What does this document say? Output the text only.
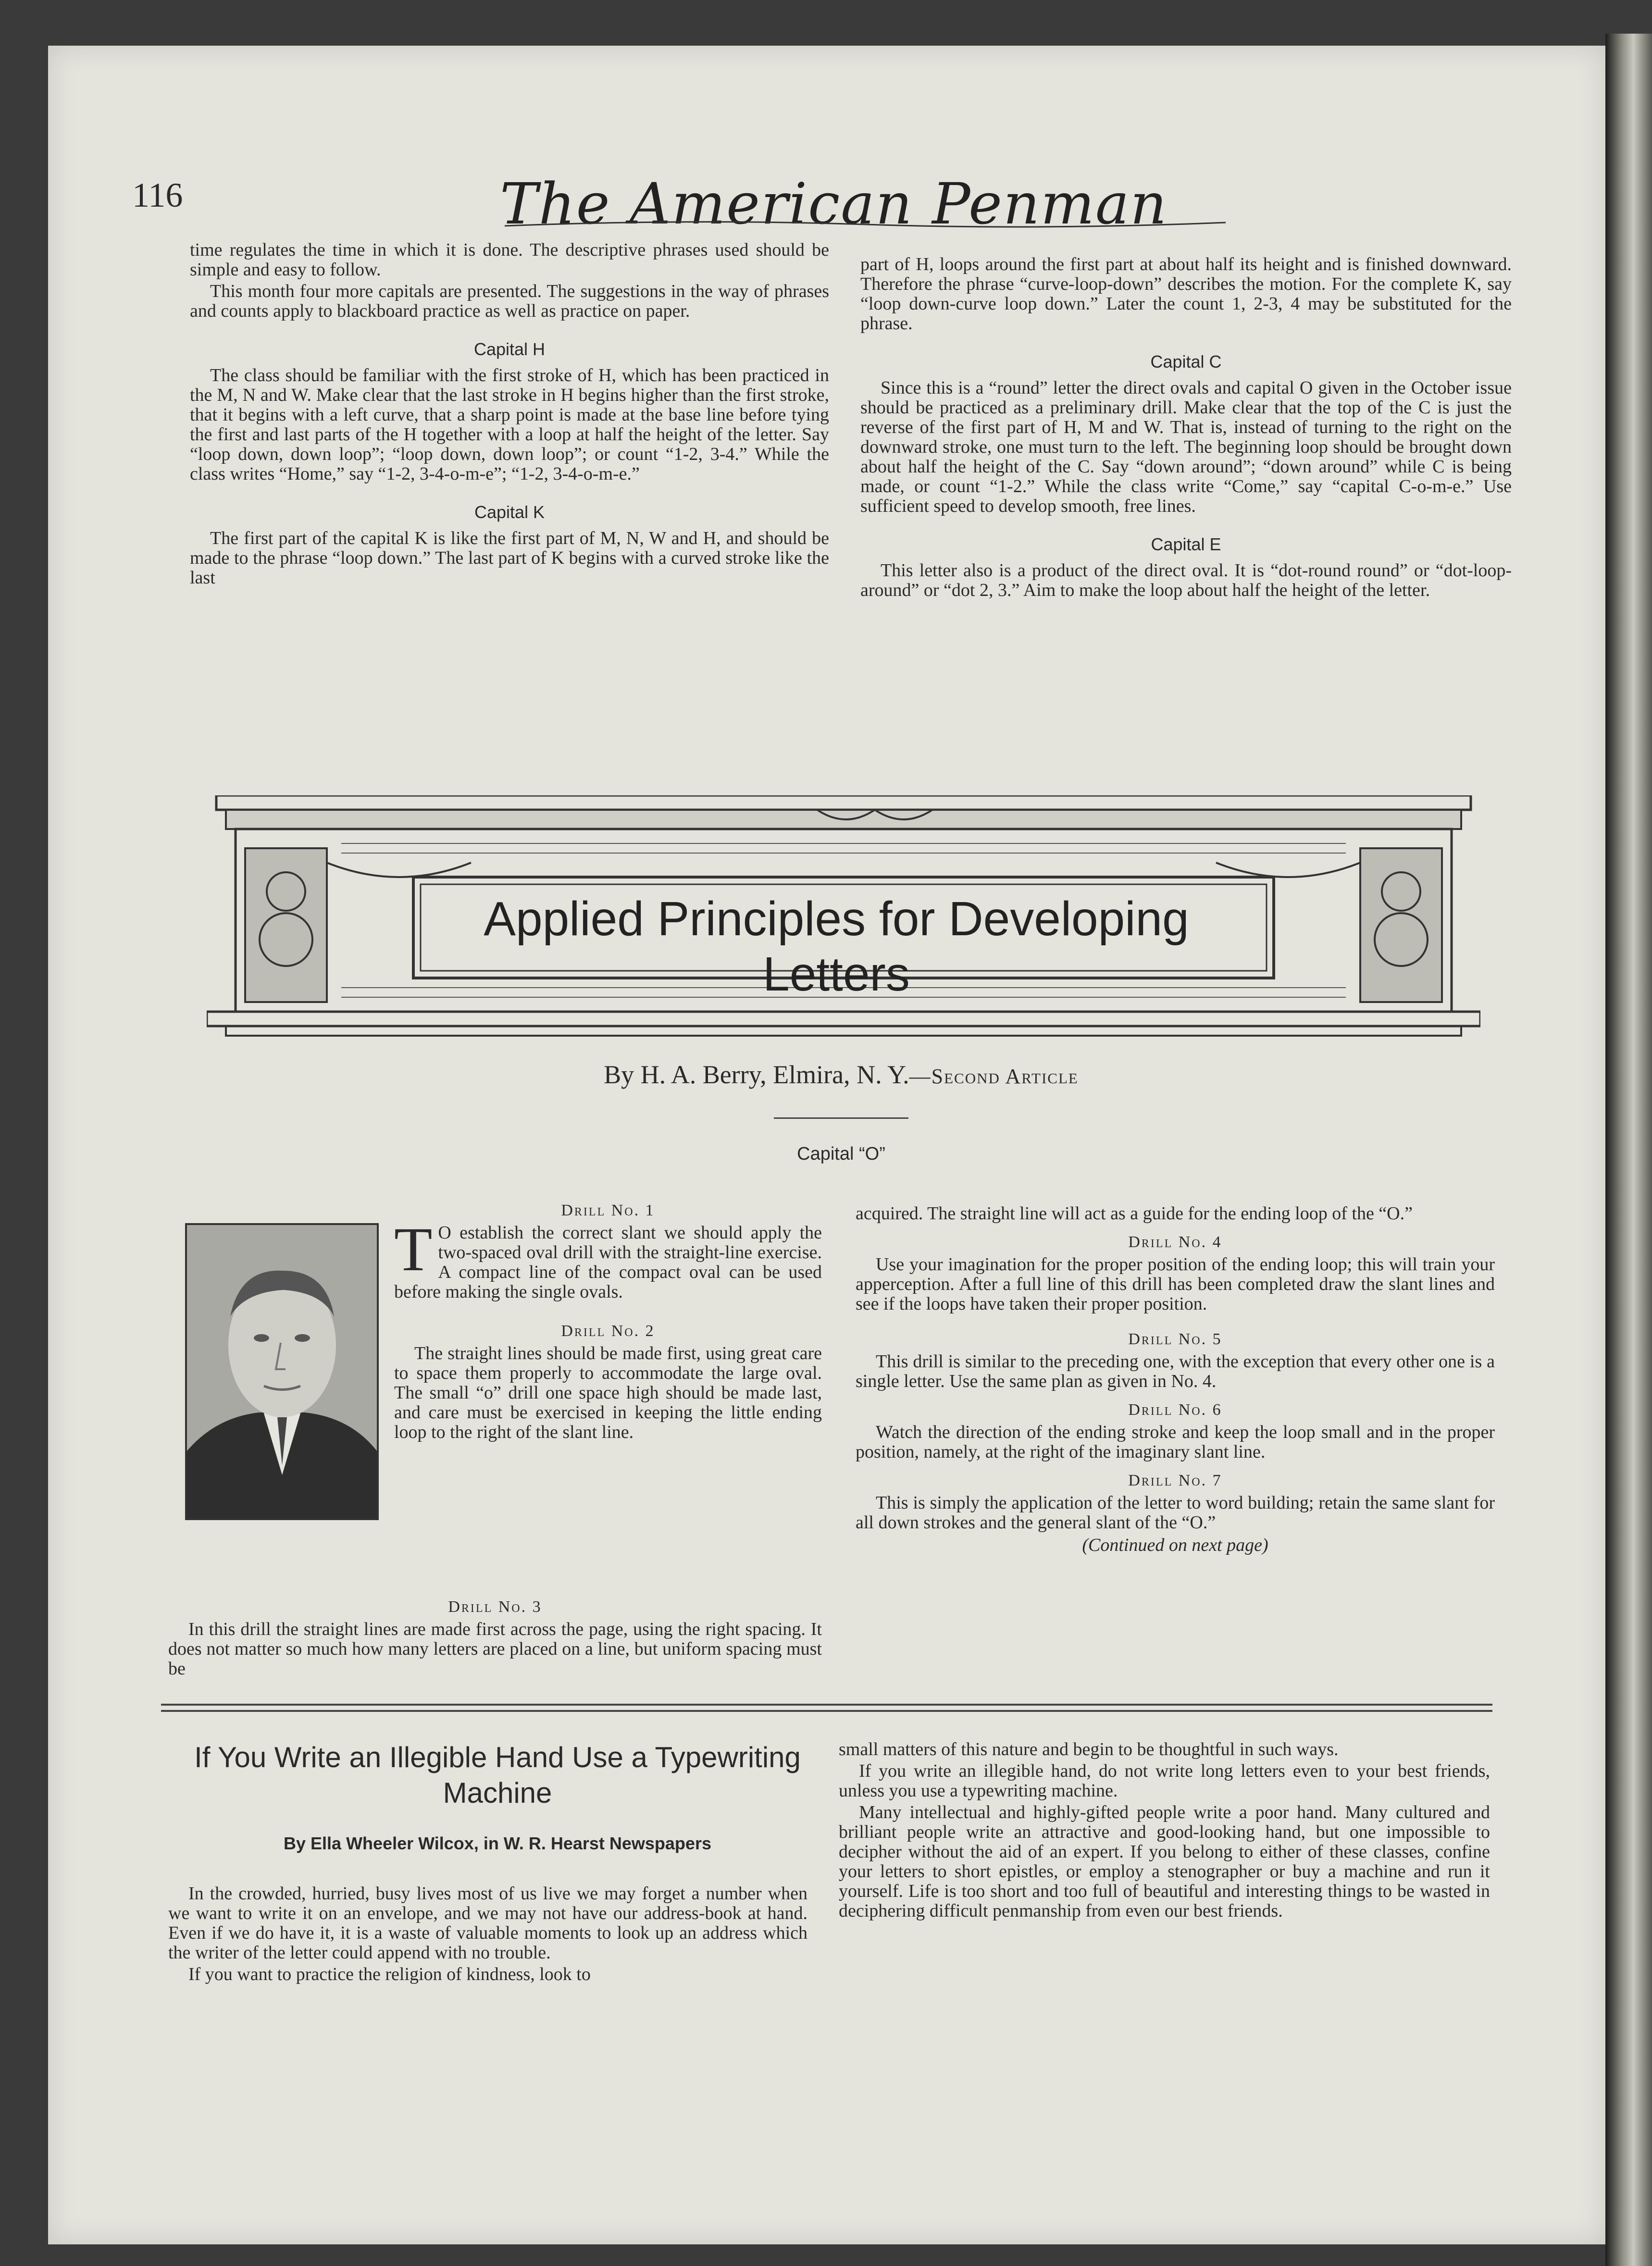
116	The American Penman

time regulates the time in which it is done. The descriptive phrases used should be simple and easy to follow.

This month four more capitals are presented. The suggestions in the way of phrases and counts apply to blackboard practice as well as practice on paper.

Capital H

The class should be familiar with the first stroke of H, which has been practiced in the M, N and W. Make clear that the last stroke in H begins higher than the first stroke, that it begins with a left curve, that a sharp point is made at the base line before tying the first and last parts of the H together with a loop at half the height of the letter. Say “loop down, down loop”; “loop down, down loop”; or count “1-2, 3-4.” While the class writes “Home,” say “1-2, 3-4-o-m-e”; “1-2, 3-4-o-m-e.”

Capital K

The first part of the capital K is like the first part of M, N, W and H, and should be made to the phrase “loop down.” The last part of K begins with a curved stroke like the last

part of H, loops around the first part at about half its height and is finished downward. Therefore the phrase “curve-loop-down” describes the motion. For the complete K, say “loop down-curve loop down.” Later the count 1, 2-3, 4 may be substituted for the phrase.

Capital C

Since this is a “round” letter the direct ovals and capital O given in the October issue should be practiced as a preliminary drill. Make clear that the top of the C is just the reverse of the first part of H, M and W. That is, instead of turning to the right on the downward stroke, one must turn to the left. The beginning loop should be brought down about half the height of the C. Say “down around”; “down around” while C is being made, or count “1-2.” While the class write “Come,” say “capital C-o-m-e.” Use sufficient speed to develop smooth, free lines.

Capital E

This letter also is a product of the direct oval. It is “dot-round round” or “dot-loop-around” or “dot 2, 3.” Aim to make the loop about half the height of the letter.

Applied Principles for Developing Letters
By H. A. Berry, Elmira, N. Y.—Second Article
Capital “O”
Drill No. 1

T O establish the correct slant we should apply the two-spaced oval drill with the straight-line exercise. A compact line of the compact oval can be used before making the single ovals.

Drill No. 2

The straight lines should be made first, using great care to space them properly to accommodate the large oval. The small “o” drill one space high should be made last, and care must be exercised in keeping the little ending loop to the right of the slant line.

Drill No. 3

In this drill the straight lines are made first across the page, using the right spacing. It does not matter so much how many letters are placed on a line, but uniform spacing must be

acquired. The straight line will act as a guide for the ending loop of the “O.”

Drill No. 4

Use your imagination for the proper position of the ending loop; this will train your apperception. After a full line of this drill has been completed draw the slant lines and see if the loops have taken their proper position.

Drill No. 5

This drill is similar to the preceding one, with the exception that every other one is a single letter. Use the same plan as given in No. 4.

Drill No. 6

Watch the direction of the ending stroke and keep the loop small and in the proper position, namely, at the right of the imaginary slant line.

Drill No. 7

This is simply the application of the letter to word building; retain the same slant for all down strokes and the general slant of the “O.”

(Continued on next page)
If You Write an Illegible Hand Use a Typewriting Machine
By Ella Wheeler Wilcox, in W. R. Hearst Newspapers

In the crowded, hurried, busy lives most of us live we may forget a number when we want to write it on an envelope, and we may not have our address-book at hand. Even if we do have it, it is a waste of valuable moments to look up an address which the writer of the letter could append with no trouble.

If you want to practice the religion of kindness, look to

small matters of this nature and begin to be thoughtful in such ways.

If you write an illegible hand, do not write long letters even to your best friends, unless you use a typewriting machine.

Many intellectual and highly-gifted people write a poor hand. Many cultured and brilliant people write an attractive and good-looking hand, but one impossible to decipher without the aid of an expert. If you belong to either of these classes, confine your letters to short epistles, or employ a stenographer or buy a machine and run it yourself. Life is too short and too full of beautiful and interesting things to be wasted in deciphering difficult penmanship from even our best friends.
